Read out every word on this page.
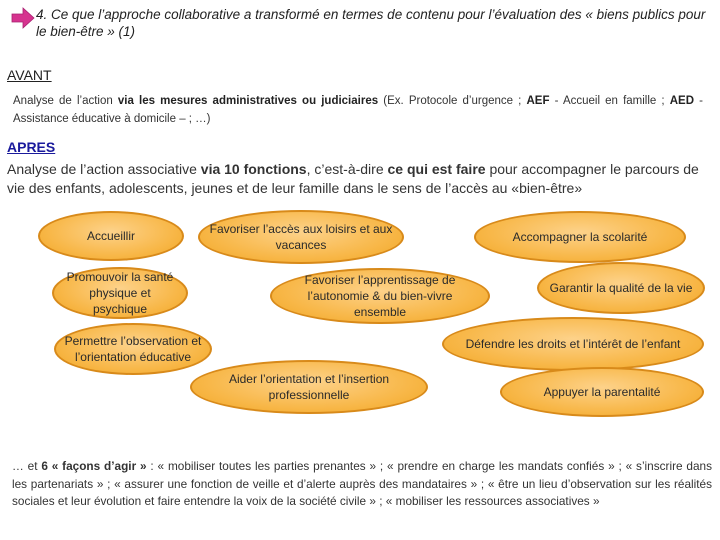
4. Ce que l’approche collaborative a transformé en termes de contenu pour l’évaluation des « biens publics pour le bien-être » (1)
AVANT
Analyse de l’action via les mesures administratives ou judiciaires (Ex. Protocole d’urgence ; AEF - Accueil en famille ; AED - Assistance éducative à domicile – ; …)
APRES
Analyse de l’action associative via 10 fonctions, c’est-à-dire ce qui est faire pour accompagner le parcours de vie des enfants, adolescents, jeunes et de leur famille dans le sens de l’accès au «bien-être»
Accueillir	Favoriser l’accès aux loisirs et aux vacances
Accompagner la scolarité
Promouvoir la santé physique et psychique
Favoriser l’apprentissage de l’autonomie & du bien-vivre ensemble
Garantir la qualité de la vie
Permettre l’observation et l’orientation éducative
Défendre les droits et l’intérêt de l’enfant
Aider l’orientation et l’insertion professionnelle	Appuyer la parentalité
… et 6 « façons d’agir » : « mobiliser toutes les parties prenantes » ; « prendre en charge les mandats confiés » ; « s’inscrire dans les partenariats » ; « assurer une fonction de veille et d’alerte auprès des mandataires » ; « être un lieu d’observation sur les réalités sociales et leur évolution et faire entendre la voix de la société civile » ; « mobiliser les ressources associatives »
